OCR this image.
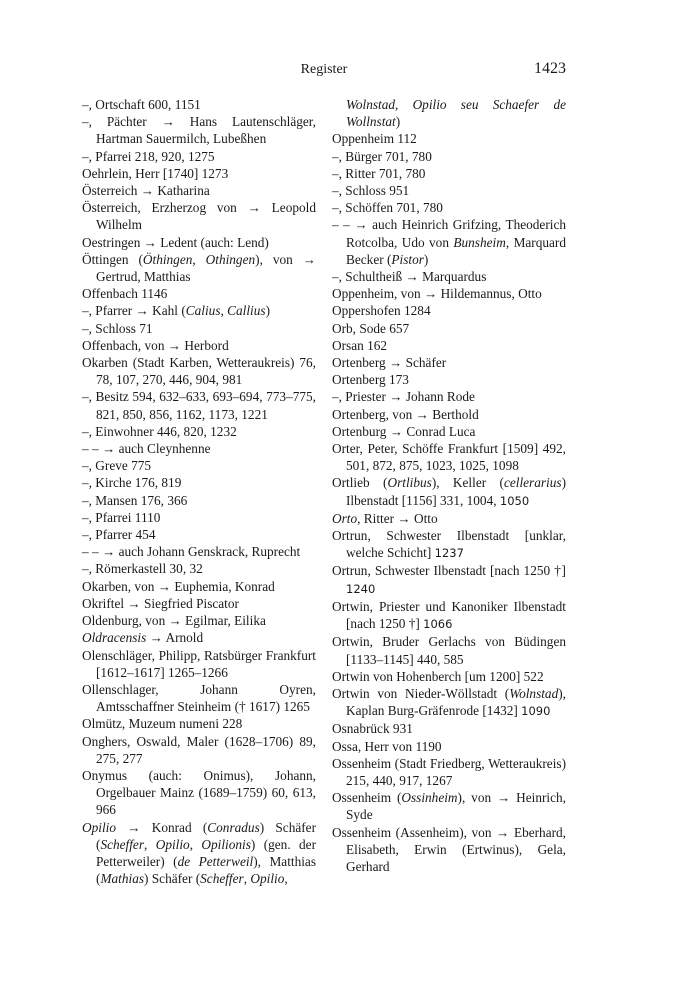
Register	1423
–, Ortschaft 600, 1151
–, Pächter → Hans Lautenschläger, Hartman Sauermilch, Lubeßhen
–, Pfarrei 218, 920, 1275
Oehrlein, Herr [1740] 1273
Österreich → Katharina
Österreich, Erzherzog von → Leopold Wilhelm
Oestringen → Ledent (auch: Lend)
Öttingen (Öthingen, Othingen), von → Gertrud, Matthias
Offenbach 1146
–, Pfarrer → Kahl (Calius, Callius)
–, Schloss 71
Offenbach, von → Herbord
Okarben (Stadt Karben, Wetteraukreis) 76, 78, 107, 270, 446, 904, 981
–, Besitz 594, 632–633, 693–694, 773–775, 821, 850, 856, 1162, 1173, 1221
–, Einwohner 446, 820, 1232
– – → auch Cleynhenne
–, Greve 775
–, Kirche 176, 819
–, Mansen 176, 366
–, Pfarrei 1110
–, Pfarrer 454
– – → auch Johann Genskrack, Ruprecht
–, Römerkastell 30, 32
Okarben, von → Euphemia, Konrad
Okriftel → Siegfried Piscator
Oldenburg, von → Egilmar, Eilika
Oldracensis → Arnold
Olenschläger, Philipp, Ratsbürger Frankfurt [1612–1617] 1265–1266
Ollenschlager, Johann Oyren, Amtsschaffner Steinheim († 1617) 1265
Olmütz, Muzeum numeni 228
Onghers, Oswald, Maler (1628–1706) 89, 275, 277
Onymus (auch: Onimus), Johann, Orgelbauer Mainz (1689–1759) 60, 613, 966
Opilio → Konrad (Conradus) Schäfer (Scheffer, Opilio, Opilionis) (gen. der Petterweiler) (de Petterweil), Matthias (Mathias) Schäfer (Scheffer, Opilio,
Wolnstad, Opilio seu Schaefer de Wollnstat)
Oppenheim 112
–, Bürger 701, 780
–, Ritter 701, 780
–, Schloss 951
–, Schöffen 701, 780
– – → auch Heinrich Grifzing, Theoderich Rotcolba, Udo von Bunsheim, Marquard Becker (Pistor)
–, Schultheiß → Marquardus
Oppenheim, von → Hildemannus, Otto
Oppershofen 1284
Orb, Sode 657
Orsan 162
Ortenberg → Schäfer
Ortenberg 173
–, Priester → Johann Rode
Ortenberg, von → Berthold
Ortenburg → Conrad Luca
Orter, Peter, Schöffe Frankfurt [1509] 492, 501, 872, 875, 1023, 1025, 1098
Ortlieb (Ortlibus), Keller (cellerarius) Ilbenstadt [1156] 331, 1004, 1050
Orto, Ritter → Otto
Ortrun, Schwester Ilbenstadt [unklar, welche Schicht] 1237
Ortrun, Schwester Ilbenstadt [nach 1250 †] 1240
Ortwin, Priester und Kanoniker Ilbenstadt [nach 1250 †] 1066
Ortwin, Bruder Gerlachs von Büdingen [1133–1145] 440, 585
Ortwin von Hohenberch [um 1200] 522
Ortwin von Nieder-Wöllstadt (Wolnstad), Kaplan Burg-Gräfenrode [1432] 1090
Osnabrück 931
Ossa, Herr von 1190
Ossenheim (Stadt Friedberg, Wetteraukreis) 215, 440, 917, 1267
Ossenheim (Ossinheim), von → Heinrich, Syde
Ossenheim (Assenheim), von → Eberhard, Elisabeth, Erwin (Ertwinus), Gela, Gerhard
